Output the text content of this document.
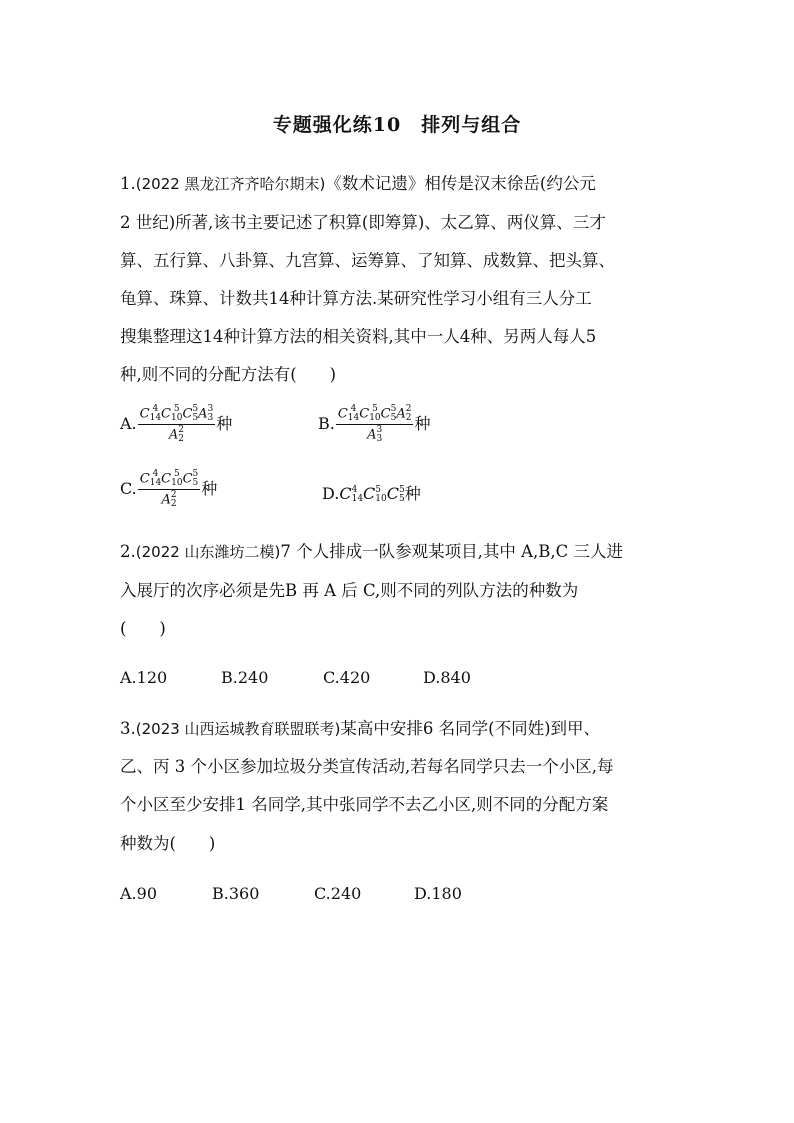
专题强化练10　排列与组合
1.(2022 黑龙江齐齐哈尔期末)《数术记遗》相传是汉末徐岳(约公元
2 世纪)所著,该书主要记述了积算(即筹算)、太乙算、两仪算、三才
算、五行算、八卦算、九宫算、运筹算、了知算、成数算、把头算、
龟算、珠算、计数共14种计算方法.某研究性学习小组有三人分工
搜集整理这14种计算方法的相关资料,其中一人4种、另两人每人5
种,则不同的分配方法有(　　)
A. C 4
14 C 5
10 C 5
5 A 3
3
A 2
2 种	B. C 4
14 C 5
10 C 5
5 A 2
2
A 3
3 种
C. C 4
14 C 5
10 C 5
5
A 2
2 种	D.C 4
14 C 5
10 C 5
5 种
2.(2022 山东潍坊二模)7 个人排成一队参观某项目,其中 A,B,C 三人进
入展厅的次序必须是先B 再 A 后 C,则不同的列队方法的种数为
(　　)
A.120	B.240	C.420	D.840
3.(2023 山西运城教育联盟联考)某高中安排6 名同学(不同姓)到甲、
乙、丙 3 个小区参加垃圾分类宣传活动,若每名同学只去一个小区,每
个小区至少安排1 名同学,其中张同学不去乙小区,则不同的分配方案
种数为(　　)
A.90	B.360	C.240	D.180
